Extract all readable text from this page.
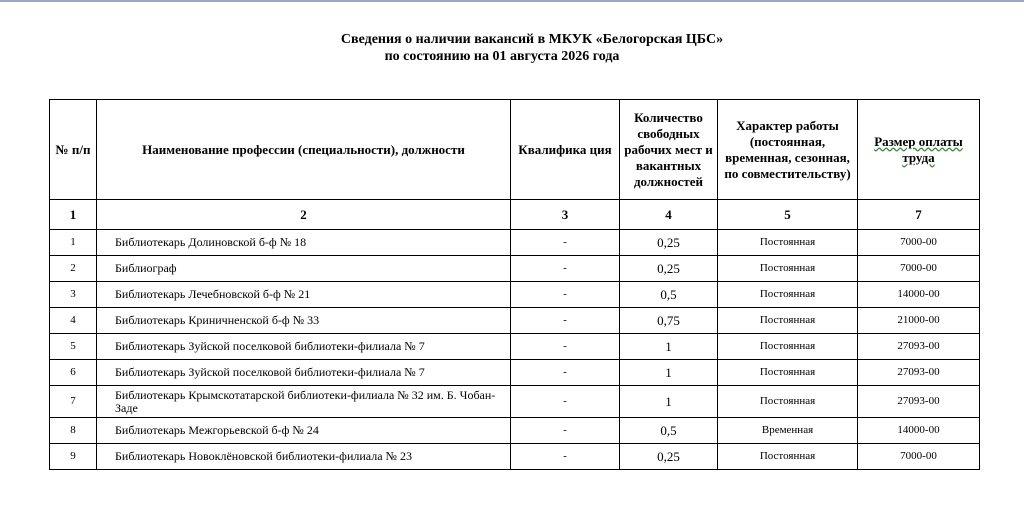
Сведения о наличии вакансий в МКУК «Белогорская ЦБС»
по состоянию на 01 августа 2026 года
№ п/п	Наименование профессии (специальности), должности	Квалифика ция	Количество свободных рабочих мест и вакантных должностей	Характер работы (постоянная, временная, сезонная, по совместительству)	Размер оплаты труда
1	2	3	4	5	7
1	Библиотекарь Долиновской б-ф № 18	-	0,25	Постоянная	7000-00
2	Библиограф	-	0,25	Постоянная	7000-00
3	Библиотекарь Лечебновской б-ф № 21	-	0,5	Постоянная	14000-00
4	Библиотекарь Криничненской б-ф № 33	-	0,75	Постоянная	21000-00
5	Библиотекарь Зуйской поселковой библиотеки-филиала № 7	-	1	Постоянная	27093-00
6	Библиотекарь Зуйской поселковой библиотеки-филиала № 7	-	1	Постоянная	27093-00
7	Библиотекарь Крымскотатарской библиотеки-филиала № 32 им. Б. Чобан-Заде	-	1	Постоянная	27093-00
8	Библиотекарь Межгорьевской б-ф № 24	-	0,5	Временная	14000-00
9	Библиотекарь Новоклёновской библиотеки-филиала № 23	-	0,25	Постоянная	7000-00
